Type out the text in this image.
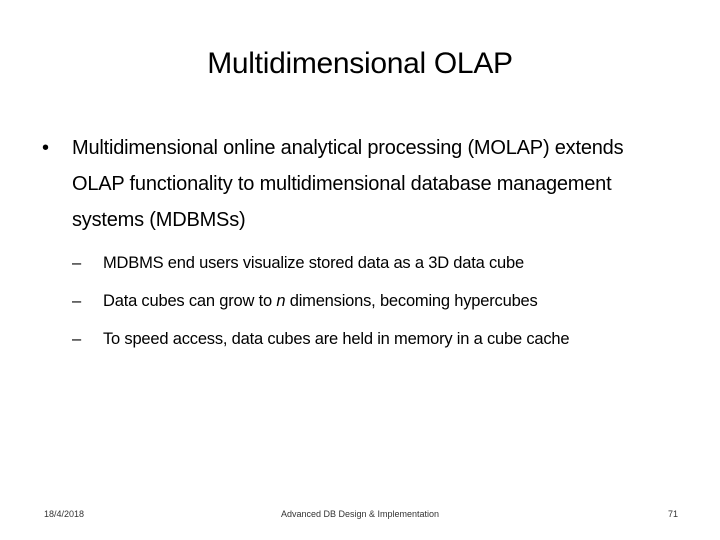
Multidimensional OLAP
• Multidimensional online analytical processing (MOLAP) extends OLAP functionality to multidimensional database management systems (MDBMSs)
– MDBMS end users visualize stored data as a 3D data cube
– Data cubes can grow to n dimensions, becoming hypercubes
– To speed access, data cubes are held in memory in a cube cache
18/4/2018	Advanced DB Design & Implementation	71
